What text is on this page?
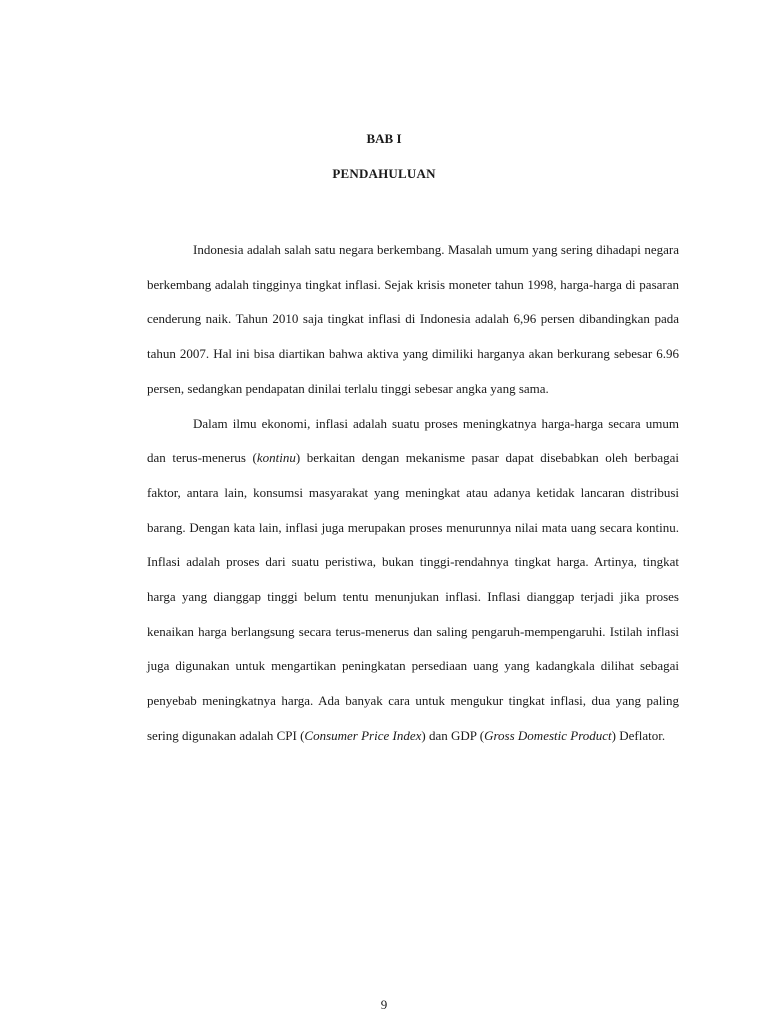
BAB I
PENDAHULUAN

Indonesia adalah salah satu negara berkembang. Masalah umum yang sering dihadapi negara berkembang adalah tingginya tingkat inflasi. Sejak krisis moneter tahun 1998, harga-harga di pasaran cenderung naik. Tahun 2010 saja tingkat inflasi di Indonesia adalah 6,96 persen dibandingkan pada tahun 2007. Hal ini bisa diartikan bahwa aktiva yang dimiliki harganya akan berkurang sebesar 6.96 persen, sedangkan pendapatan dinilai terlalu tinggi sebesar angka yang sama.

Dalam ilmu ekonomi, inflasi adalah suatu proses meningkatnya harga-harga secara umum dan terus-menerus (kontinu) berkaitan dengan mekanisme pasar dapat disebabkan oleh berbagai faktor, antara lain, konsumsi masyarakat yang meningkat atau adanya ketidak lancaran distribusi barang. Dengan kata lain, inflasi juga merupakan proses menurunnya nilai mata uang secara kontinu. Inflasi adalah proses dari suatu peristiwa, bukan tinggi-rendahnya tingkat harga. Artinya, tingkat harga yang dianggap tinggi belum tentu menunjukan inflasi. Inflasi dianggap terjadi jika proses kenaikan harga berlangsung secara terus-menerus dan saling pengaruh-mempengaruhi. Istilah inflasi juga digunakan untuk mengartikan peningkatan persediaan uang yang kadangkala dilihat sebagai penyebab meningkatnya harga. Ada banyak cara untuk mengukur tingkat inflasi, dua yang paling sering digunakan adalah CPI (Consumer Price Index) dan GDP (Gross Domestic Product) Deflator.

9
